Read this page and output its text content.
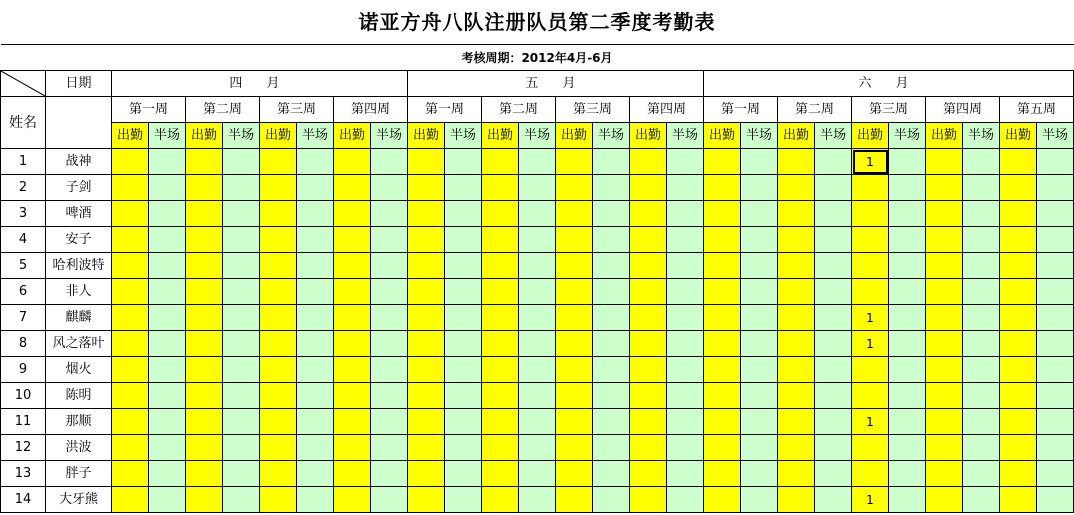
诺亚方舟八队注册队员第二季度考勤表																											
考核周期：2012年4月-6月																											

	日期	四 月								五 月								六 月									
姓名		第一周		第二周		第三周		第四周		第一周		第二周		第三周		第四周		第一周		第二周		第三周		第四周		第五周	
		出勤	半场	出勤	半场	出勤	半场	出勤	半场	出勤	半场	出勤	半场	出勤	半场	出勤	半场	出勤	半场	出勤	半场	出勤	半场	出勤	半场	出勤	半场
1	战神																					1					
2	子剑																										
3	啤酒																										
4	安子																										
5	哈利波特																										
6	非人																										
7	麒麟																					1					
8	风之落叶																					1					
9	烟火																										
10	陈明																										
11	那顺																					1					
12	洪波																										
13	胖子																										
14	大牙熊																					1					
